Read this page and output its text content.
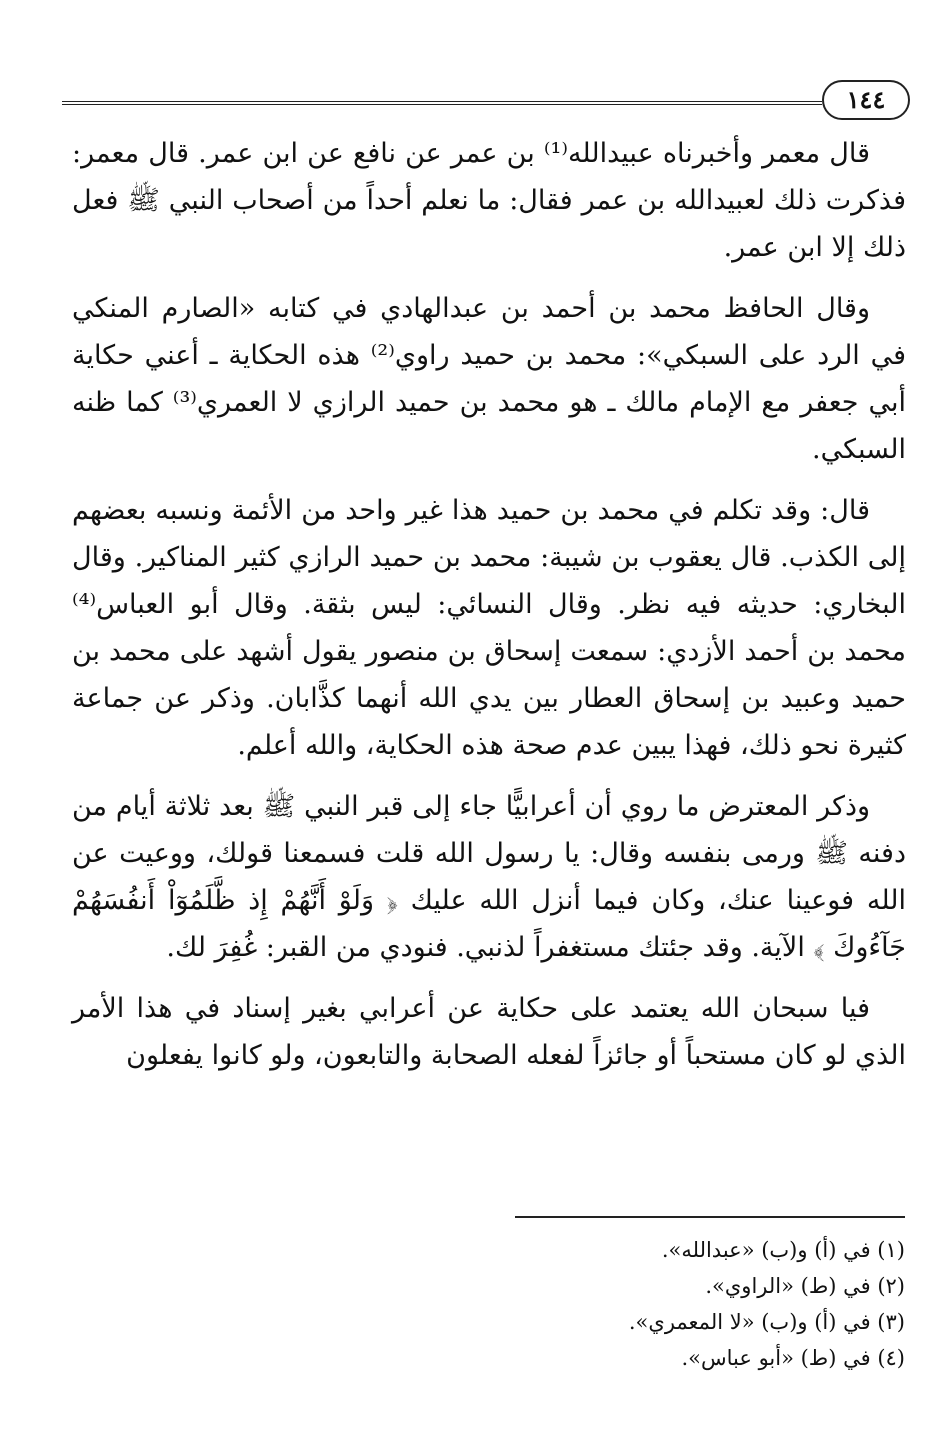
١٤٤

قال معمر وأخبرناه عبيدالله⁽¹⁾ بن عمر عن نافع عن ابن عمر. قال معمر: فذكرت ذلك لعبيدالله بن عمر فقال: ما نعلم أحداً من أصحاب النبي ﷺ فعل ذلك إلا ابن عمر.

وقال الحافظ محمد بن أحمد بن عبدالهادي في كتابه «الصارم المنكي في الرد على السبكي»: محمد بن حميد راوي⁽²⁾ هذه الحكاية ـ أعني حكاية أبي جعفر مع الإمام مالك ـ هو محمد بن حميد الرازي لا العمري⁽³⁾ كما ظنه السبكي.

قال: وقد تكلم في محمد بن حميد هذا غير واحد من الأئمة ونسبه بعضهم إلى الكذب. قال يعقوب بن شيبة: محمد بن حميد الرازي كثير المناكير. وقال البخاري: حديثه فيه نظر. وقال النسائي: ليس بثقة. وقال أبو العباس⁽⁴⁾ محمد بن أحمد الأزدي: سمعت إسحاق بن منصور يقول أشهد على محمد بن حميد وعبيد بن إسحاق العطار بين يدي الله أنهما كذَّابان. وذكر عن جماعة كثيرة نحو ذلك، فهذا يبين عدم صحة هذه الحكاية، والله أعلم.

وذكر المعترض ما روي أن أعرابيًّا جاء إلى قبر النبي ﷺ بعد ثلاثة أيام من دفنه ﷺ ورمى بنفسه وقال: يا رسول الله قلت فسمعنا قولك، ووعيت عن الله فوعينا عنك، وكان فيما أنزل الله عليك ﴿ وَلَوْ أَنَّهُمْ إِذ ظَّلَمُوٓاْ أَنفُسَهُمْ جَآءُوكَ ﴾ الآية. وقد جئتك مستغفراً لذنبي. فنودي من القبر: غُفِرَ لك.

فيا سبحان الله يعتمد على حكاية عن أعرابي بغير إسناد في هذا الأمر الذي لو كان مستحباً أو جائزاً لفعله الصحابة والتابعون، ولو كانوا يفعلون

(١) في (أ) و(ب) «عبدالله».

(٢) في (ط) «الراوي».

(٣) في (أ) و(ب) «لا المعمري».

(٤) في (ط) «أبو عباس».
